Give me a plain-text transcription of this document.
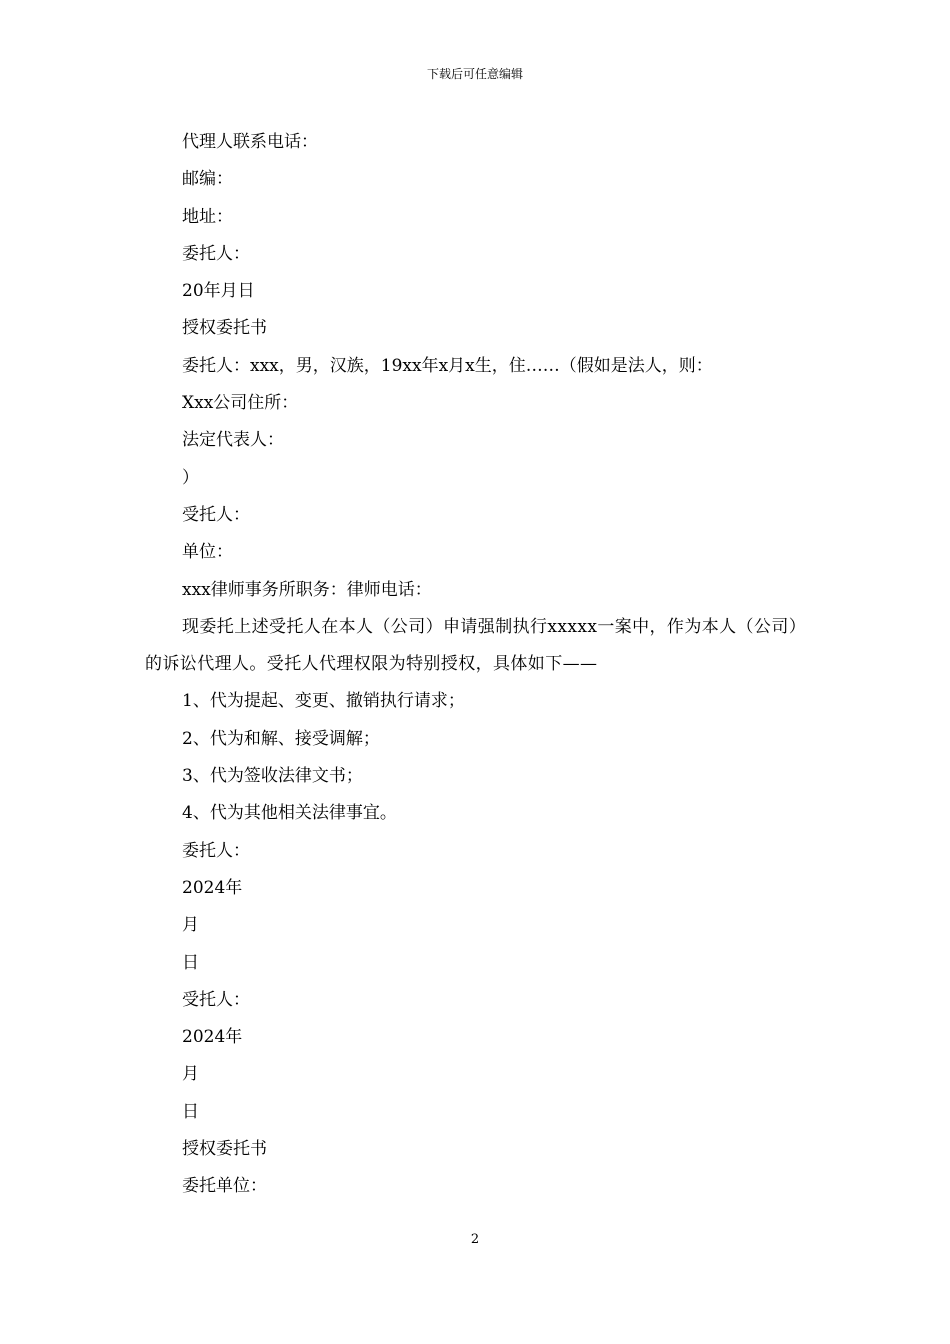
下载后可任意编辑
代理人联系电话：
邮编：
地址：
委托人：
20年月日
授权委托书
委托人：xxx，男，汉族，19xx年x月x生，住……（假如是法人，则：
Xxx公司住所：
法定代表人：
）
受托人：
单位：
xxx律师事务所职务：律师电话：
现委托上述受托人在本人（公司）申请强制执行xxxxx一案中，作为本人（公司）的诉讼代理人。受托人代理权限为特别授权，具体如下——
1、代为提起、变更、撤销执行请求；
2、代为和解、接受调解；
3、代为签收法律文书；
4、代为其他相关法律事宜。
委托人：
2024年
月
日
受托人：
2024年
月
日
授权委托书
委托单位：
2
